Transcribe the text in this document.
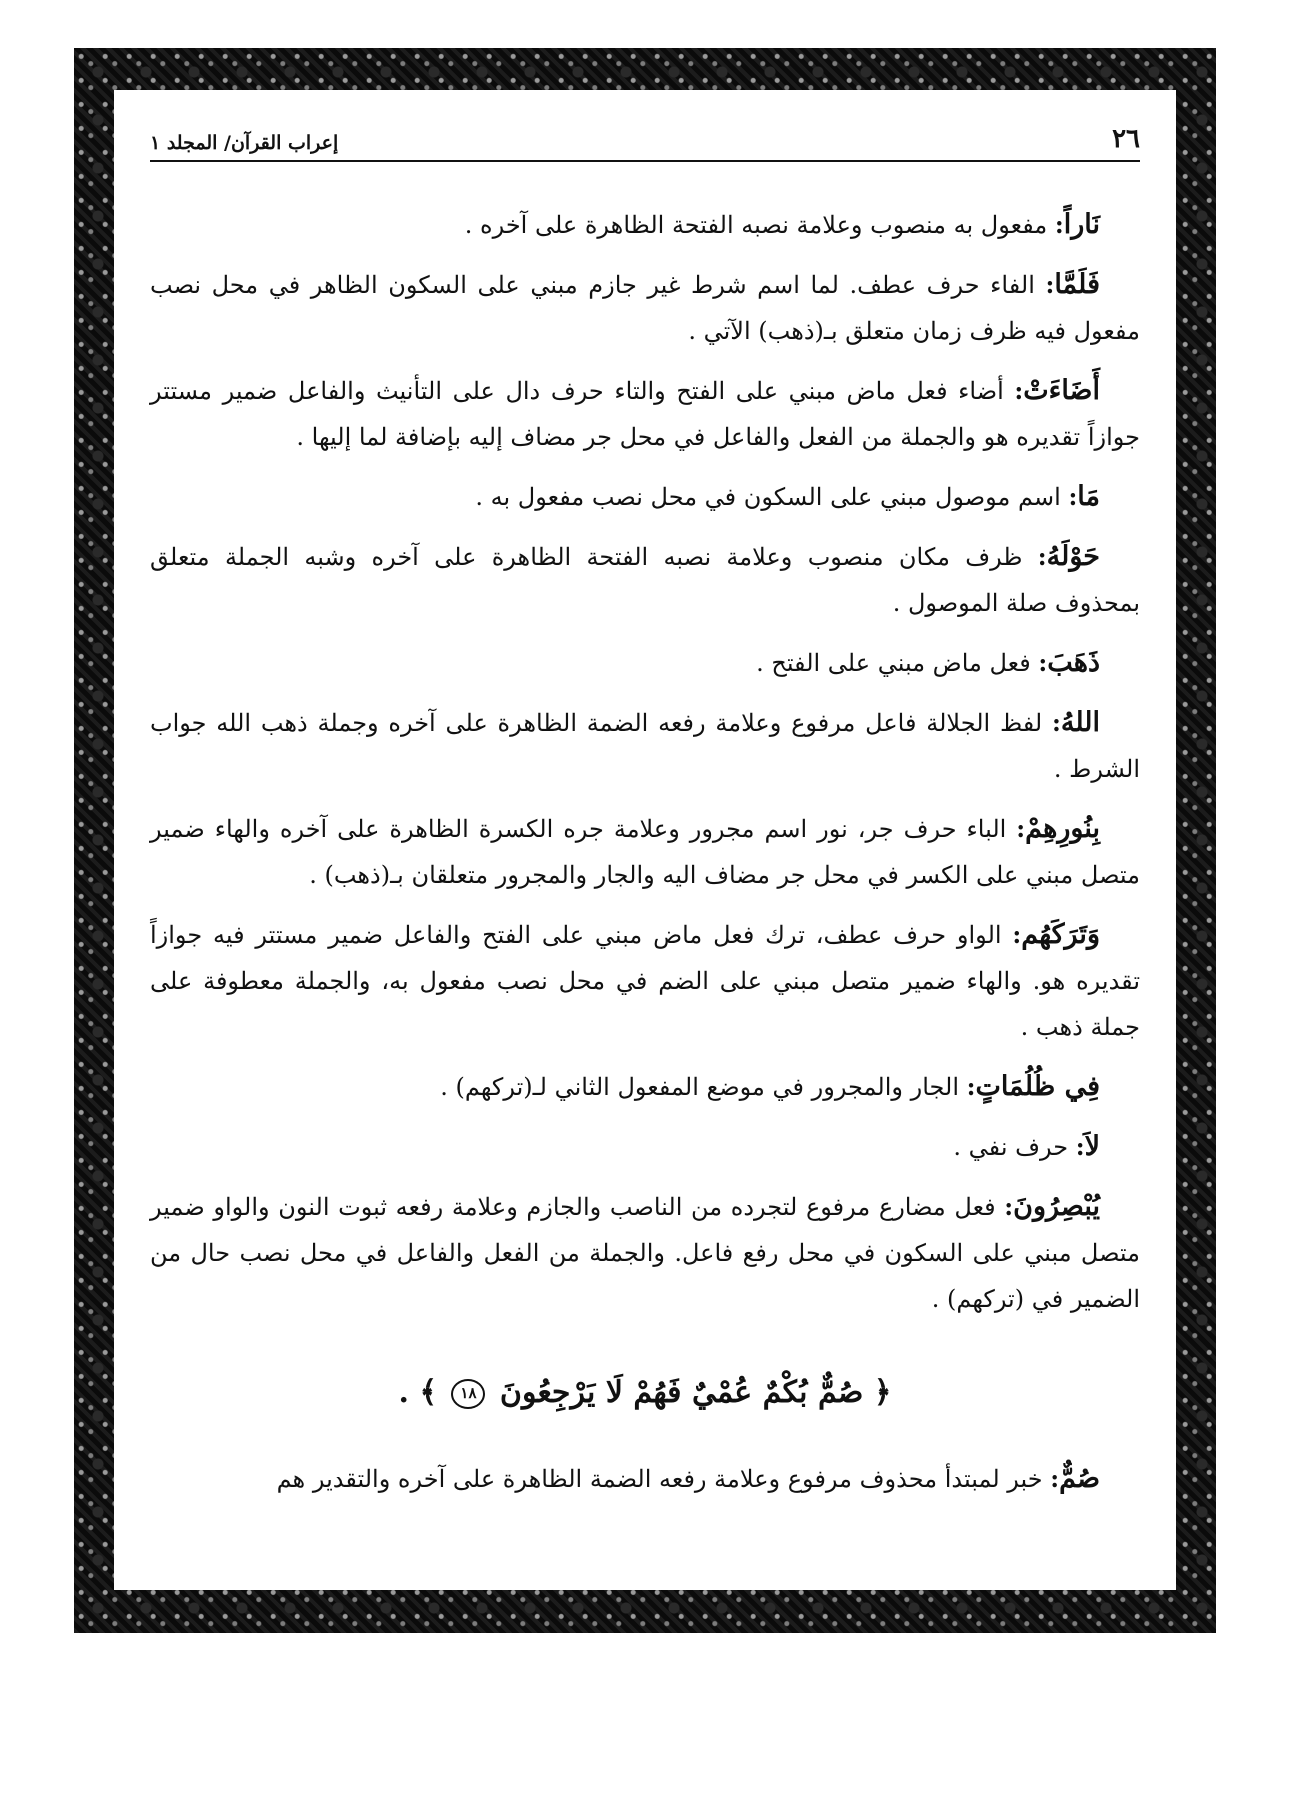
٢٦
إعراب القرآن/ المجلد ١

نَاراً: مفعول به منصوب وعلامة نصبه الفتحة الظاهرة على آخره .

فَلَمَّا: الفاء حرف عطف. لما اسم شرط غير جازم مبني على السكون الظاهر في محل نصب مفعول فيه ظرف زمان متعلق بـ(ذهب) الآتي .

أَضَاءَتْ: أضاء فعل ماض مبني على الفتح والتاء حرف دال على التأنيث والفاعل ضمير مستتر جوازاً تقديره هو والجملة من الفعل والفاعل في محل جر مضاف إليه بإضافة لما إليها .

مَا: اسم موصول مبني على السكون في محل نصب مفعول به .

حَوْلَهُ: ظرف مكان منصوب وعلامة نصبه الفتحة الظاهرة على آخره وشبه الجملة متعلق بمحذوف صلة الموصول .

ذَهَبَ: فعل ماض مبني على الفتح .

اللهُ: لفظ الجلالة فاعل مرفوع وعلامة رفعه الضمة الظاهرة على آخره وجملة ذهب الله جواب الشرط .

بِنُورِهِمْ: الباء حرف جر، نور اسم مجرور وعلامة جره الكسرة الظاهرة على آخره والهاء ضمير متصل مبني على الكسر في محل جر مضاف اليه والجار والمجرور متعلقان بـ(ذهب) .

وَتَرَكَهُم: الواو حرف عطف، ترك فعل ماض مبني على الفتح والفاعل ضمير مستتر فيه جوازاً تقديره هو. والهاء ضمير متصل مبني على الضم في محل نصب مفعول به، والجملة معطوفة على جملة ذهب .

فِي ظُلُمَاتٍ: الجار والمجرور في موضع المفعول الثاني لـ(تركهم) .

لاَ: حرف نفي .

يُبْصِرُونَ: فعل مضارع مرفوع لتجرده من الناصب والجازم وعلامة رفعه ثبوت النون والواو ضمير متصل مبني على السكون في محل رفع فاعل. والجملة من الفعل والفاعل في محل نصب حال من الضمير في (تركهم) .

﴿ صُمٌّ بُكْمٌ عُمْيٌ فَهُمْ لَا يَرْجِعُونَ ١٨ ﴾ .

صُمٌّ: خبر لمبتدأ محذوف مرفوع وعلامة رفعه الضمة الظاهرة على آخره والتقدير هم
